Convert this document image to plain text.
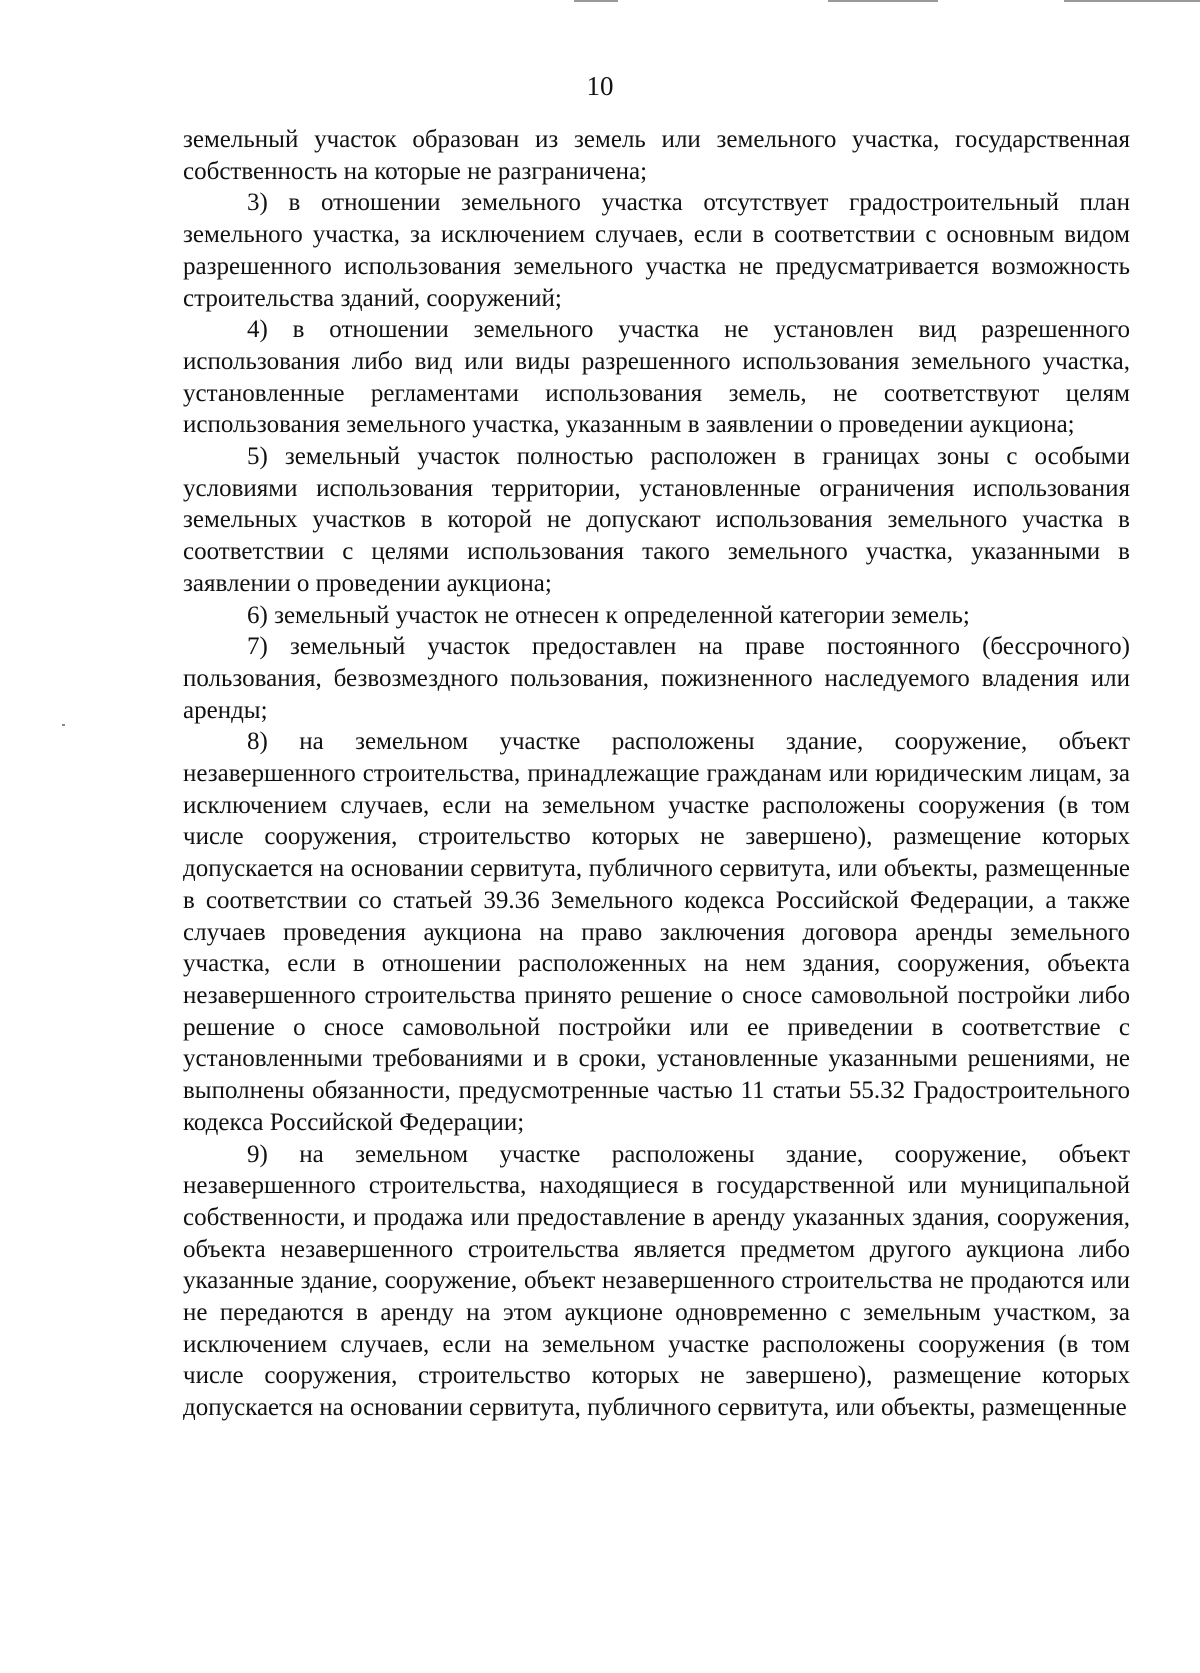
10

земельный участок образован из земель или земельного участка, государственная собственность на которые не разграничена;

3) в отношении земельного участка отсутствует градостроительный план земельного участка, за исключением случаев, если в соответствии с основным видом разрешенного использования земельного участка не предусматривается возможность строительства зданий, сооружений;

4) в отношении земельного участка не установлен вид разрешенного использования либо вид или виды разрешенного использования земельного участка, установленные регламентами использования земель, не соответствуют целям использования земельного участка, указанным в заявлении о проведении аукциона;

5) земельный участок полностью расположен в границах зоны с особыми условиями использования территории, установленные ограничения использования земельных участков в которой не допускают использования земельного участка в соответствии с целями использования такого земельного участка, указанными в заявлении о проведении аукциона;

6) земельный участок не отнесен к определенной категории земель;

7) земельный участок предоставлен на праве постоянного (бессрочного) пользования, безвозмездного пользования, пожизненного наследуемого владения или аренды;

8) на земельном участке расположены здание, сооружение, объект незавершенного строительства, принадлежащие гражданам или юридическим лицам, за исключением случаев, если на земельном участке расположены сооружения (в том числе сооружения, строительство которых не завершено), размещение которых допускается на основании сервитута, публичного сервитута, или объекты, размещенные в соответствии со статьей 39.36 Земельного кодекса Российской Федерации, а также случаев проведения аукциона на право заключения договора аренды земельного участка, если в отношении расположенных на нем здания, сооружения, объекта незавершенного строительства принято решение о сносе самовольной постройки либо решение о сносе самовольной постройки или ее приведении в соответствие с установленными требованиями и в сроки, установленные указанными решениями, не выполнены обязанности, предусмотренные частью 11 статьи 55.32 Градостроительного кодекса Российской Федерации;

9) на земельном участке расположены здание, сооружение, объект незавершенного строительства, находящиеся в государственной или муниципальной собственности, и продажа или предоставление в аренду указанных здания, сооружения, объекта незавершенного строительства является предметом другого аукциона либо указанные здание, сооружение, объект незавершенного строительства не продаются или не передаются в аренду на этом аукционе одновременно с земельным участком, за исключением случаев, если на земельном участке расположены сооружения (в том числе сооружения, строительство которых не завершено), размещение которых допускается на основании сервитута, публичного сервитута, или объекты, размещенные
